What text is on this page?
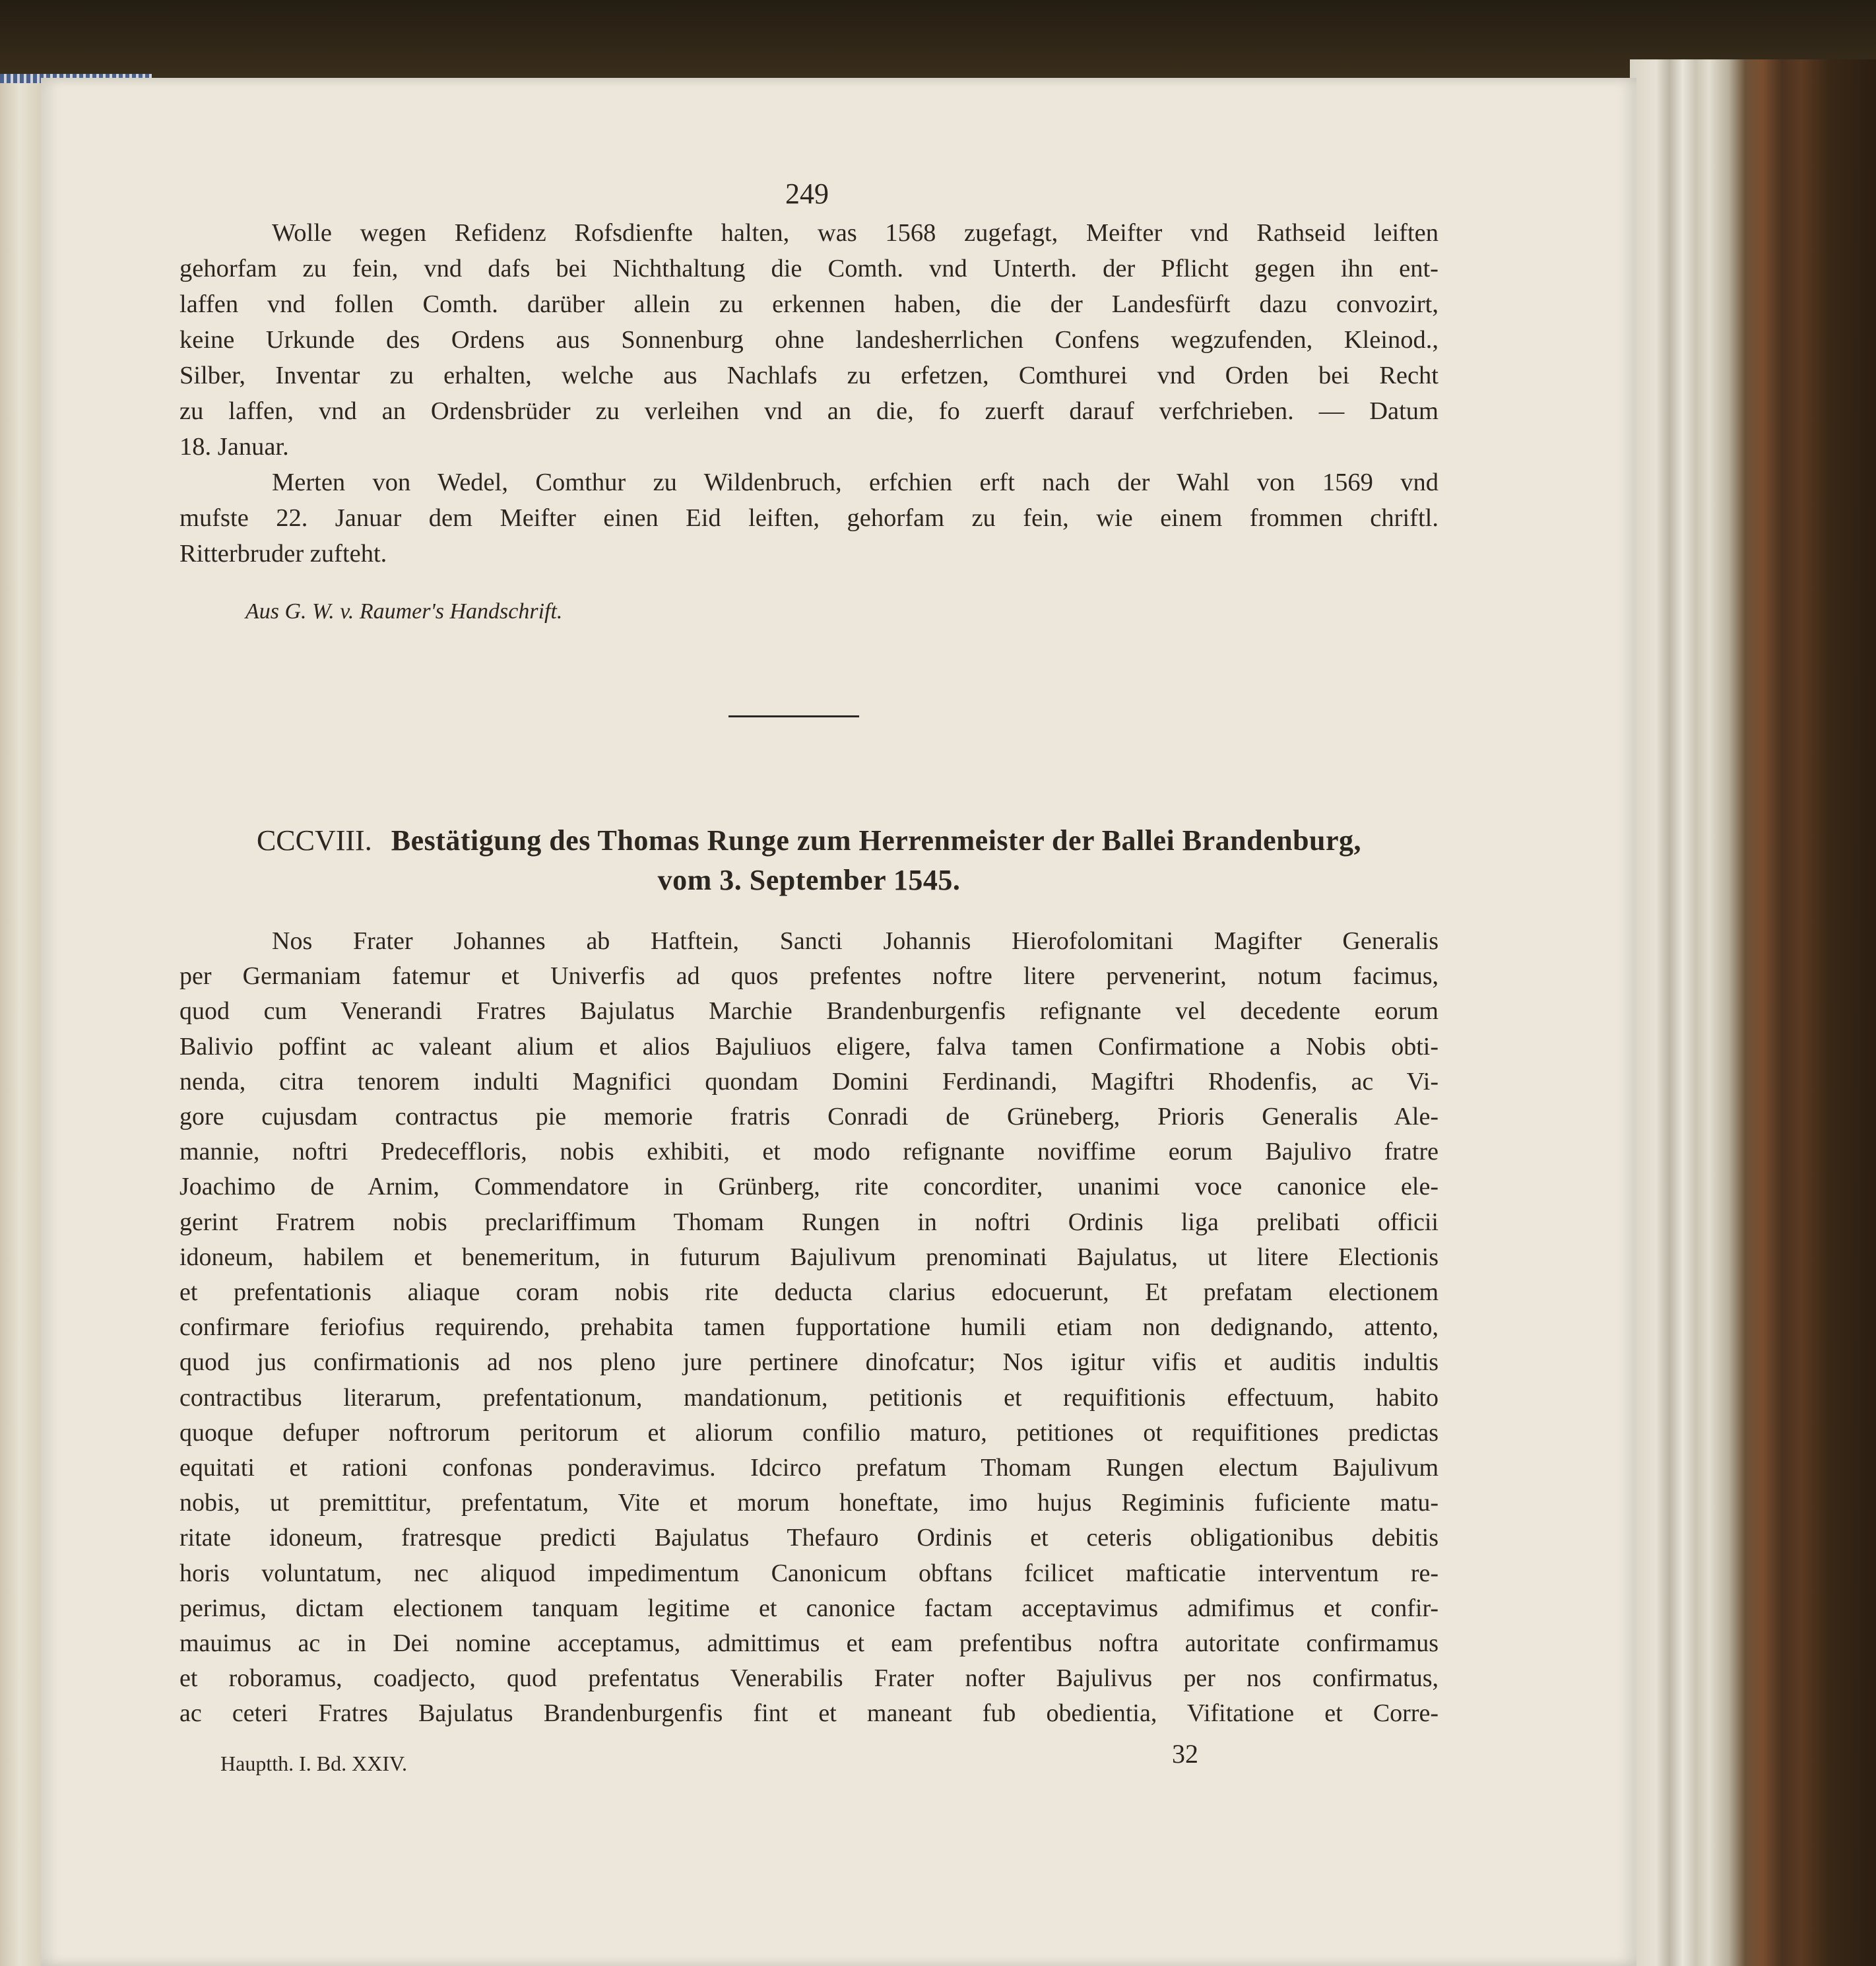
249

Wolle wegen Refidenz Rofsdienfte halten, was 1568 zugefagt, Meifter vnd Rathseid leiften
gehorfam zu fein, vnd dafs bei Nichthaltung die Comth. vnd Unterth. der Pflicht gegen ihn ent-
laffen vnd follen Comth. darüber allein zu erkennen haben, die der Landesfürft dazu convozirt,
keine Urkunde des Ordens aus Sonnenburg ohne landesherrlichen Confens wegzufenden, Kleinod.,
Silber, Inventar zu erhalten, welche aus Nachlafs zu erfetzen, Comthurei vnd Orden bei Recht
zu laffen, vnd an Ordensbrüder zu verleihen vnd an die, fo zuerft darauf verfchrieben. — Datum
18. Januar.

Merten von Wedel, Comthur zu Wildenbruch, erfchien erft nach der Wahl von 1569 vnd
mufste 22. Januar dem Meifter einen Eid leiften, gehorfam zu fein, wie einem frommen chriftl.
Ritterbruder zufteht.

Aus G. W. v. Raumer's Handschrift.
CCCVIII. Bestätigung des Thomas Runge zum Herrenmeister der Ballei Brandenburg,
vom 3. September 1545.

Nos Frater Johannes ab Hatftein, Sancti Johannis Hierofolomitani Magifter Generalis
per Germaniam fatemur et Univerfis ad quos prefentes noftre litere pervenerint, notum facimus,
quod cum Venerandi Fratres Bajulatus Marchie Brandenburgenfis refignante vel decedente eorum
Balivio poffint ac valeant alium et alios Bajuliuos eligere, falva tamen Confirmatione a Nobis obti-
nenda, citra tenorem indulti Magnifici quondam Domini Ferdinandi, Magiftri Rhodenfis, ac Vi-
gore cujusdam contractus pie memorie fratris Conradi de Grüneberg, Prioris Generalis Ale-
mannie, noftri Predeceffloris, nobis exhibiti, et modo refignante noviffime eorum Bajulivo fratre
Joachimo de Arnim, Commendatore in Grünberg, rite concorditer, unanimi voce canonice ele-
gerint Fratrem nobis preclariffimum Thomam Rungen in noftri Ordinis liga prelibati officii
idoneum, habilem et benemeritum, in futurum Bajulivum prenominati Bajulatus, ut litere Electionis
et prefentationis aliaque coram nobis rite deducta clarius edocuerunt, Et prefatam electionem
confirmare feriofius requirendo, prehabita tamen fupportatione humili etiam non dedignando, attento,
quod jus confirmationis ad nos pleno jure pertinere dinofcatur; Nos igitur vifis et auditis indultis
contractibus literarum, prefentationum, mandationum, petitionis et requifitionis effectuum, habito
quoque defuper noftrorum peritorum et aliorum confilio maturo, petitiones ot requifitiones predictas
equitati et rationi confonas ponderavimus. Idcirco prefatum Thomam Rungen electum Bajulivum
nobis, ut premittitur, prefentatum, Vite et morum honeftate, imo hujus Regiminis fuficiente matu-
ritate idoneum, fratresque predicti Bajulatus Thefauro Ordinis et ceteris obligationibus debitis
horis voluntatum, nec aliquod impedimentum Canonicum obftans fcilicet mafticatie interventum re-
perimus, dictam electionem tanquam legitime et canonice factam acceptavimus admifimus et confir-
mauimus ac in Dei nomine acceptamus, admittimus et eam prefentibus noftra autoritate confirmamus
et roboramus, coadjecto, quod prefentatus Venerabilis Frater nofter Bajulivus per nos confirmatus,
ac ceteri Fratres Bajulatus Brandenburgenfis fint et maneant fub obedientia, Vifitatione et Corre-

Hauptth. I. Bd. XXIV.	32
